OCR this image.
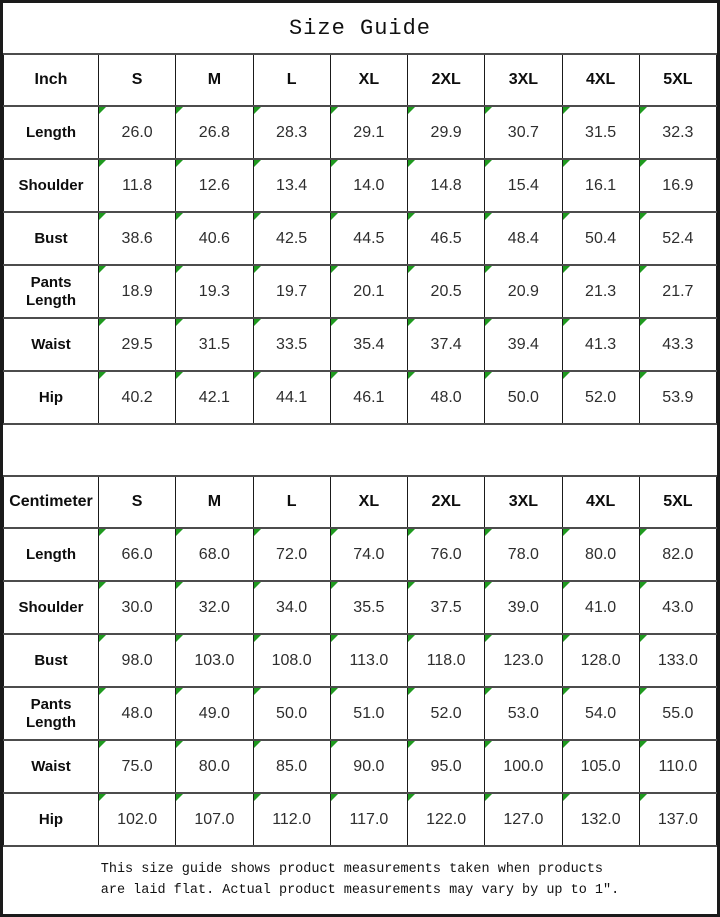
Size Guide
Inch	S	M	L	XL	2XL	3XL	4XL	5XL
Length	26.0	26.8	28.3	29.1	29.9	30.7	31.5	32.3
Shoulder	11.8	12.6	13.4	14.0	14.8	15.4	16.1	16.9
Bust	38.6	40.6	42.5	44.5	46.5	48.4	50.4	52.4
Pants Length	18.9	19.3	19.7	20.1	20.5	20.9	21.3	21.7
Waist	29.5	31.5	33.5	35.4	37.4	39.4	41.3	43.3
Hip	40.2	42.1	44.1	46.1	48.0	50.0	52.0	53.9
Centimeter	S	M	L	XL	2XL	3XL	4XL	5XL
Length	66.0	68.0	72.0	74.0	76.0	78.0	80.0	82.0
Shoulder	30.0	32.0	34.0	35.5	37.5	39.0	41.0	43.0
Bust	98.0	103.0	108.0	113.0	118.0	123.0	128.0	133.0
Pants Length	48.0	49.0	50.0	51.0	52.0	53.0	54.0	55.0
Waist	75.0	80.0	85.0	90.0	95.0	100.0	105.0	110.0
Hip	102.0	107.0	112.0	117.0	122.0	127.0	132.0	137.0
This size guide shows product measurements taken when products
are laid flat. Actual product measurements may vary by up to 1″.
